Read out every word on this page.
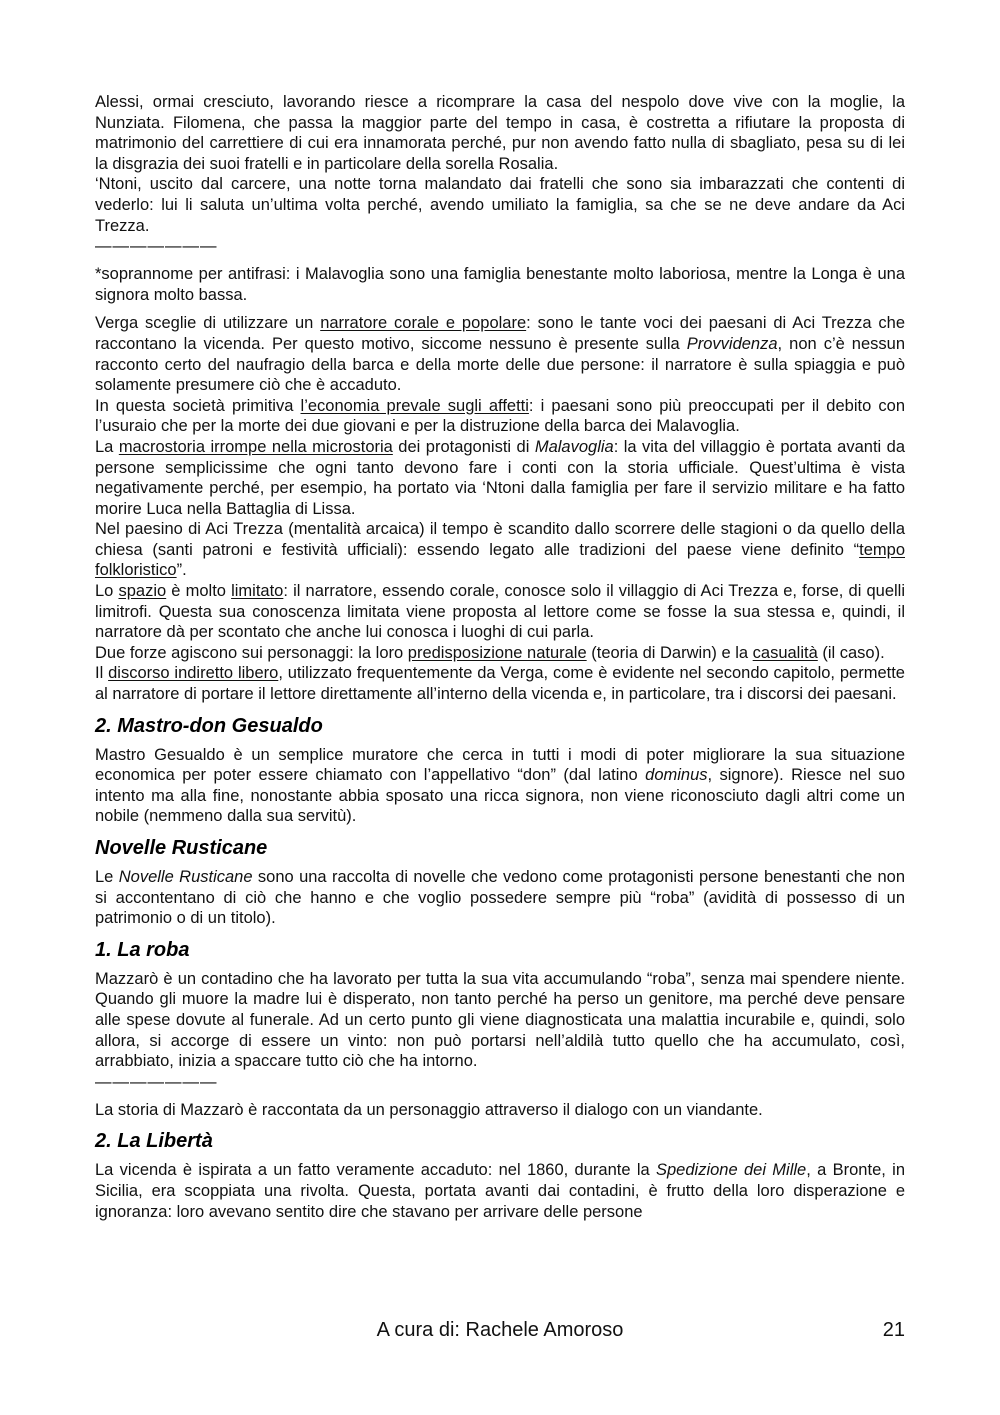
Alessi, ormai cresciuto, lavorando riesce a ricomprare la casa del nespolo dove vive con la moglie, la Nunziata. Filomena, che passa la maggior parte del tempo in casa, è costretta a rifiutare la proposta di matrimonio del carrettiere di cui era innamorata perché, pur non avendo fatto nulla di sbagliato, pesa su di lei la disgrazia dei suoi fratelli e in particolare della sorella Rosalia.

‘Ntoni, uscito dal carcere, una notte torna malandato dai fratelli che sono sia imbarazzati che contenti di vederlo: lui li saluta un’ultima volta perché, avendo umiliato la famiglia, sa che se ne deve andare da Aci Trezza.

———————

*soprannome per antifrasi: i Malavoglia sono una famiglia benestante molto laboriosa, mentre la Longa è una signora molto bassa.

Verga sceglie di utilizzare un narratore corale e popolare: sono le tante voci dei paesani di Aci Trezza che raccontano la vicenda. Per questo motivo, siccome nessuno è presente sulla Provvidenza, non c’è nessun racconto certo del naufragio della barca e della morte delle due persone: il narratore è sulla spiaggia e può solamente presumere ciò che è accaduto.

In questa società primitiva l’economia prevale sugli affetti: i paesani sono più preoccupati per il debito con l’usuraio che per la morte dei due giovani e per la distruzione della barca dei Malavoglia.

La macrostoria irrompe nella microstoria dei protagonisti di Malavoglia: la vita del villaggio è portata avanti da persone semplicissime che ogni tanto devono fare i conti con la storia ufficiale. Quest’ultima è vista negativamente perché, per esempio, ha portato via ‘Ntoni dalla famiglia per fare il servizio militare e ha fatto morire Luca nella Battaglia di Lissa.

Nel paesino di Aci Trezza (mentalità arcaica) il tempo è scandito dallo scorrere delle stagioni o da quello della chiesa (santi patroni e festività ufficiali): essendo legato alle tradizioni del paese viene definito “tempo folkloristico”.

Lo spazio è molto limitato: il narratore, essendo corale, conosce solo il villaggio di Aci Trezza e, forse, di quelli limitrofi. Questa sua conoscenza limitata viene proposta al lettore come se fosse la sua stessa e, quindi, il narratore dà per scontato che anche lui conosca i luoghi di cui parla.

Due forze agiscono sui personaggi: la loro predisposizione naturale (teoria di Darwin) e la casualità (il caso).

Il discorso indiretto libero, utilizzato frequentemente da Verga, come è evidente nel secondo capitolo, permette al narratore di portare il lettore direttamente all’interno della vicenda e, in particolare, tra i discorsi dei paesani.

2. Mastro-don Gesualdo

Mastro Gesualdo è un semplice muratore che cerca in tutti i modi di poter migliorare la sua situazione economica per poter essere chiamato con l’appellativo “don” (dal latino dominus, signore). Riesce nel suo intento ma alla fine, nonostante abbia sposato una ricca signora, non viene riconosciuto dagli altri come un nobile (nemmeno dalla sua servitù).

Novelle Rusticane

Le Novelle Rusticane sono una raccolta di novelle che vedono come protagonisti persone benestanti che non si accontentano di ciò che hanno e che voglio possedere sempre più “roba” (avidità di possesso di un patrimonio o di un titolo).

1. La roba

Mazzarò è un contadino che ha lavorato per tutta la sua vita accumulando “roba”, senza mai spendere niente. Quando gli muore la madre lui è disperato, non tanto perché ha perso un genitore, ma perché deve pensare alle spese dovute al funerale. Ad un certo punto gli viene diagnosticata una malattia incurabile e, quindi, solo allora, si accorge di essere un vinto: non può portarsi nell’aldilà tutto quello che ha accumulato, così, arrabbiato, inizia a spaccare tutto ciò che ha intorno.

———————

La storia di Mazzarò è raccontata da un personaggio attraverso il dialogo con un viandante.

2. La Libertà

La vicenda è ispirata a un fatto veramente accaduto: nel 1860, durante la Spedizione dei Mille, a Bronte, in Sicilia, era scoppiata una rivolta. Questa, portata avanti dai contadini, è frutto della loro disperazione e ignoranza: loro avevano sentito dire che stavano per arrivare delle persone

A cura di: Rachele Amoroso	21
